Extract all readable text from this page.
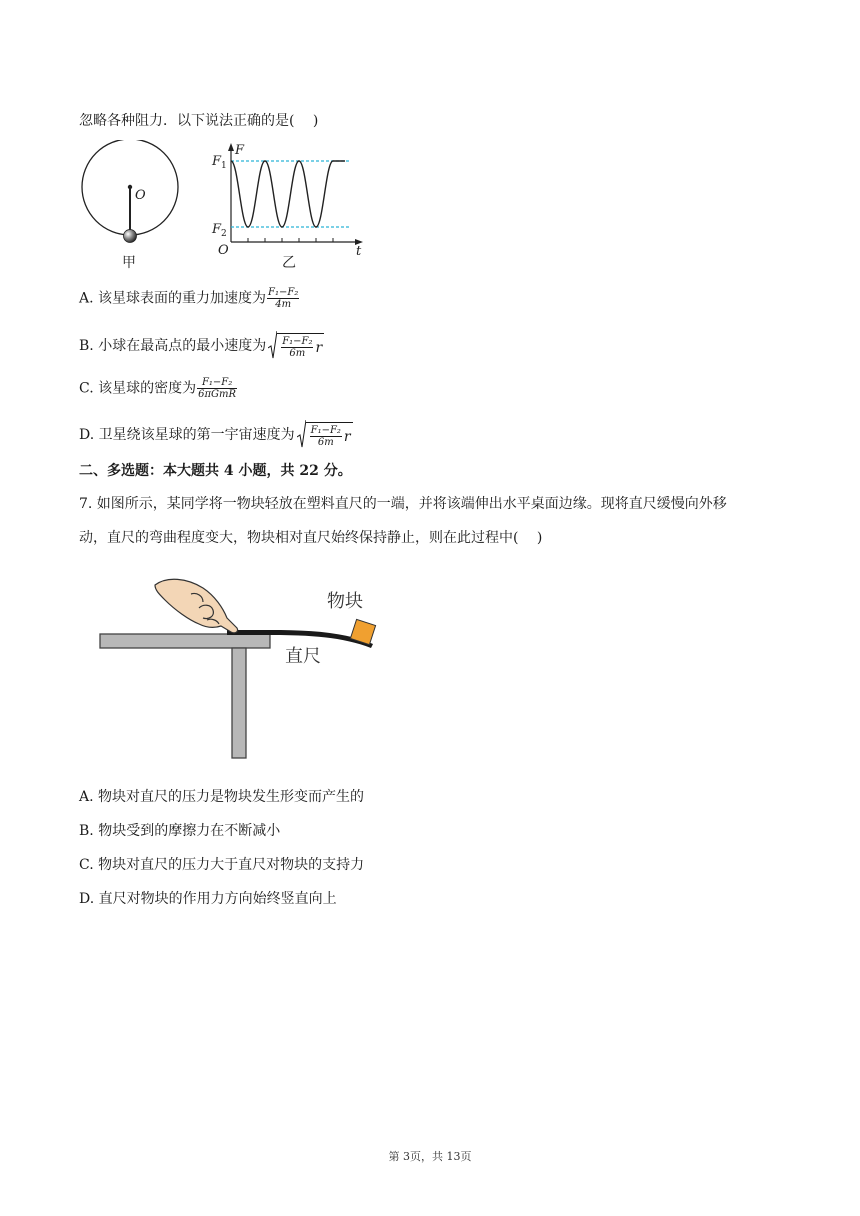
忽略各种阻力．以下说法正确的是(　 )
O
甲
F
$F_1$
$F_2$
O	t
乙
A. 该星球表面的重力加速度为 $\frac{\text{F₁−F₂}}{4m}$
B. 小球在最高点的最小速度为 $\frac{\text{F₁−F₂}}{6m}$ r
C. 该星球的密度为 $\frac{\text{F₁−F₂}}{\text{6πGmR}}$
D. 卫星绕该星球的第一宇宙速度为 $\frac{\text{F₁−F₂}}{6m}$ r
二、多选题：本大题共 4 小题，共 22 分。
7. 如图所示，某同学将一物块轻放在塑料直尺的一端，并将该端伸出水平桌面边缘。现将直尺缓慢向外移
动，直尺的弯曲程度变大，物块相对直尺始终保持静止，则在此过程中(　 )
物块
直尺
A. 物块对直尺的压力是物块发生形变而产生的
B. 物块受到的摩擦力在不断减小
C. 物块对直尺的压力大于直尺对物块的支持力
D. 直尺对物块的作用力方向始终竖直向上
第 3页，共 13页
